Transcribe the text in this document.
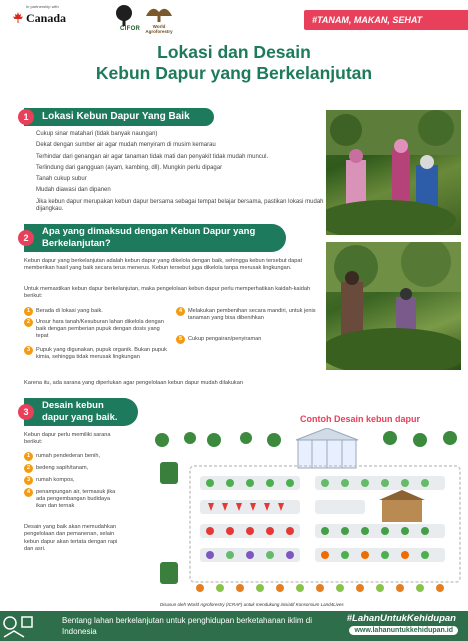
In partnership with
Canada
CIFOR	World Agroforestry
#TANAM, MAKAN, SEHAT
Lokasi dan Desain
Kebun Dapur yang Berkelanjutan
Lokasi Kebun Dapur Yang Baik
1
Cukup sinar matahari (tidak banyak naungan)
Dekat dengan sumber air agar mudah menyiram di musim kemarau
Terhindar dari genangan air agar tanaman tidak mati dan penyakit tidak mudah muncul.
Terlindung dari gangguan (ayam, kambing, dll). Mungkin perlu dipagar
Tanah cukup subur
Mudah diawasi dan dipanen
Jika kebun dapur merupakan kebun dapur bersama sebagai tempat belajar bersama, pastikan lokasi mudah dijangkau.
Apa yang dimaksud dengan Kebun Dapur yang
Berkelanjutan?
2

Kebun dapur yang berkelanjutan adalah kebun dapur yang dikelola dengan baik, sehingga kebun tersebut dapat memberikan hasil yang baik secara terus menerus. Kebun tersebut juga dikelola tanpa merusak lingkungan.

Untuk memastikan kebun dapur berkelanjutan, maka pengelolaan kebun dapur perlu memperhatikan kaidah-kaidah berikut:

1	Berada di lokasi yang baik.
2	Unsur hara tanah/Kesuburan lahan dikelola dengan baik dengan pemberian pupuk dengan dosis yang tepat
3	Pupuk yang digunakan, pupuk organik. Bukan pupuk kimia, sehingga tidak merusak lingkungan
4	Melakukan pembenihan secara mandiri, untuk jenis tanaman yang bisa dibenihkan
5	Cukup pengairan/penyiraman

Karena itu, ada sarana yang diperlukan agar pengelolaan kebun dapur mudah dilakukan

Desain kebun
dapur yang baik.
3

Kebun dapur perlu memiliki sarana berikut:

1	rumah pendederan benih,
2	bedeng sapih/tanam,
3	rumah kompos,
4	penampungan air, termasuk jika ada pengembangan budidaya ikan dan ternak

Desain yang baik akan memudahkan pengelolaan dan pemanenan, selain kebun dapur akan tertata dengan rapi dan asri.

Contoh Desain kebun dapur
Disusun oleh World Agroforestry (ICRAF) untuk mendukung inisiatif Konsorsium Land4Lives
Bentang lahan berkelanjutan untuk penghidupan berketahanan iklim di Indonesia
#LahanUntukKehidupan
www.lahanuntukkehidupan.id
